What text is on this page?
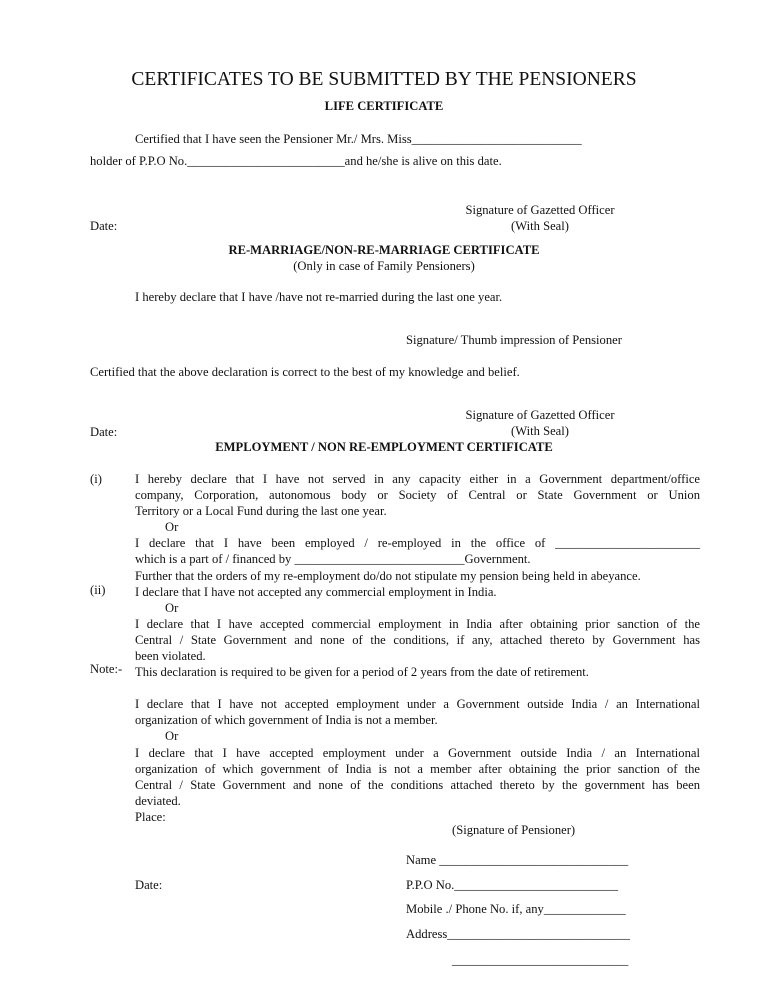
CERTIFICATES TO BE SUBMITTED BY THE PENSIONERS
LIFE CERTIFICATE
Certified that I have seen the Pensioner Mr./ Mrs. Miss___________________________
holder of P.P.O No._________________________and he/she is alive on this date.
Signature of Gazetted Officer
(With Seal)
Date:
RE-MARRIAGE/NON-RE-MARRIAGE CERTIFICATE
(Only in case of Family Pensioners)
I hereby declare that I have /have not re-married during the last one year.
Signature/ Thumb impression of Pensioner
Certified that the above declaration is correct to the best of my knowledge and belief.
Signature of Gazetted Officer
(With Seal)
Date:
EMPLOYMENT / NON RE-EMPLOYMENT CERTIFICATE
(i)
(ii)
Note:-
I hereby declare that I have not served in any capacity either in a Government department/office
company, Corporation, autonomous body or Society of Central or State Government or Union
Territory or a Local Fund during the last one year.
Or
I declare that I have been employed / re-employed in the office of _______________________
which is a part of / financed by ___________________________Government.
Further that the orders of my re-employment do/do not stipulate my pension being held in abeyance.
I declare that I have not accepted any commercial employment in India.
Or
I declare that I have accepted commercial employment in India after obtaining prior sanction of the
Central / State Government and none of the conditions, if any, attached thereto by Government has
been violated.
This declaration is required to be given for a period of 2 years from the date of retirement.
I declare that I have not accepted employment under a Government outside India / an International
organization of which government of India is not a member.
Or
I declare that I have accepted employment under a Government outside India / an International
organization of which government of India is not a member after obtaining the prior sanction of the
Central / State Government and none of the conditions attached thereto by the government has been
deviated.
Place:
(Signature of Pensioner)
Name ______________________________
Date:	P.P.O No.__________________________
Mobile ./ Phone No. if, any_____________
Address_____________________________
____________________________
